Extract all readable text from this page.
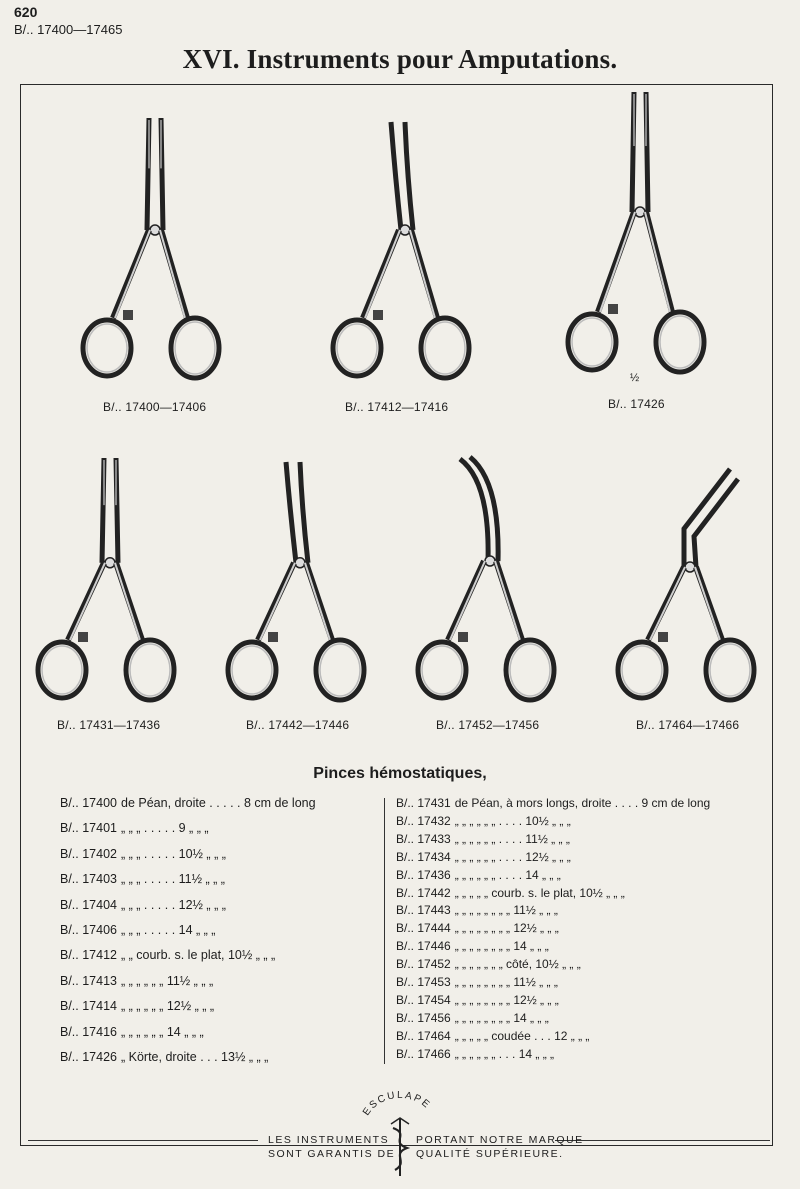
620
B/.. 17400—17465
XVI. Instruments pour Amputations.
B/.. 17400—17406	B/.. 17412—17416	B/.. 17426
B/.. 17431—17436	B/.. 17442—17446	B/.. 17452—17456	B/.. 17464—17466
½
Pinces hémostatiques,
B/.. 17400 de Péan, droite . . . . . 8 cm de long
B/.. 17401 „ „ „ . . . . . 9 „ „ „
B/.. 17402 „ „ „ . . . . . 10½ „ „ „
B/.. 17403 „ „ „ . . . . . 11½ „ „ „
B/.. 17404 „ „ „ . . . . . 12½ „ „ „
B/.. 17406 „ „ „ . . . . . 14 „ „ „
B/.. 17412 „ „ courb. s. le plat, 10½ „ „ „
B/.. 17413 „ „ „ „ „ „ 11½ „ „ „
B/.. 17414 „ „ „ „ „ „ 12½ „ „ „
B/.. 17416 „ „ „ „ „ „ 14 „ „ „
B/.. 17426 „ Körte, droite . . . 13½ „ „ „
B/.. 17431 de Péan, à mors longs, droite . . . . 9 cm de long
B/.. 17432 „ „ „ „ „ „ . . . . 10½ „ „ „
B/.. 17433 „ „ „ „ „ „ . . . . 11½ „ „ „
B/.. 17434 „ „ „ „ „ „ . . . . 12½ „ „ „
B/.. 17436 „ „ „ „ „ „ . . . . 14 „ „ „
B/.. 17442 „ „ „ „ „ courb. s. le plat, 10½ „ „ „
B/.. 17443 „ „ „ „ „ „ „ „ 11½ „ „ „
B/.. 17444 „ „ „ „ „ „ „ „ 12½ „ „ „
B/.. 17446 „ „ „ „ „ „ „ „ 14 „ „ „
B/.. 17452 „ „ „ „ „ „ „ côté, 10½ „ „ „
B/.. 17453 „ „ „ „ „ „ „ „ 11½ „ „ „
B/.. 17454 „ „ „ „ „ „ „ „ 12½ „ „ „
B/.. 17456 „ „ „ „ „ „ „ „ 14 „ „ „
B/.. 17464 „ „ „ „ „ coudée . . . 12 „ „ „
B/.. 17466 „ „ „ „ „ „ . . . 14 „ „ „
LES INSTRUMENTS
SONT GARANTIS DE
PORTANT NOTRE MARQUE
QUALITÉ SUPÉRIEURE.
ESCULAPE
